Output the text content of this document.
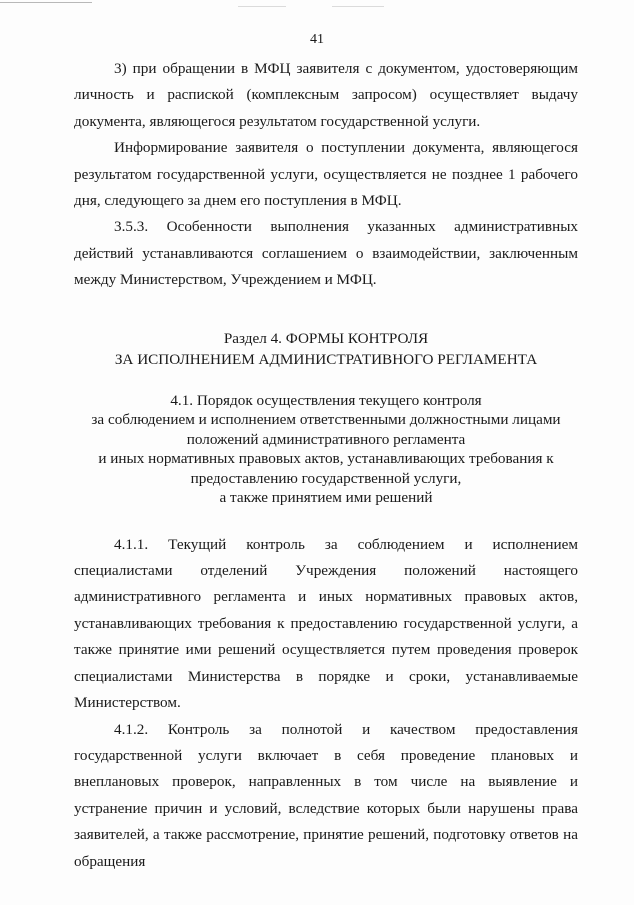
41

3) при обращении в МФЦ заявителя с документом, удостоверяющим личность и распиской (комплексным запросом) осуществляет выдачу документа, являющегося результатом государственной услуги.

Информирование заявителя о поступлении документа, являющегося результатом государственной услуги, осуществляется не позднее 1 рабочего дня, следующего за днем его поступления в МФЦ.

3.5.3. Особенности выполнения указанных административных действий устанавливаются соглашением о взаимодействии, заключенным между Министерством, Учреждением и МФЦ.

Раздел 4. ФОРМЫ КОНТРОЛЯ

ЗА ИСПОЛНЕНИЕМ АДМИНИСТРАТИВНОГО РЕГЛАМЕНТА

4.1. Порядок осуществления текущего контроля

за соблюдением и исполнением ответственными должностными лицами

положений административного регламента

и иных нормативных правовых актов, устанавливающих требования к

предоставлению государственной услуги,

а также принятием ими решений

4.1.1. Текущий контроль за соблюдением и исполнением специалистами отделений Учреждения положений настоящего административного регламента и иных нормативных правовых актов, устанавливающих требования к предоставлению государственной услуги, а также принятие ими решений осуществляется путем проведения проверок специалистами Министерства в порядке и сроки, устанавливаемые Министерством.

4.1.2. Контроль за полнотой и качеством предоставления государственной услуги включает в себя проведение плановых и внеплановых проверок, направленных в том числе на выявление и устранение причин и условий, вследствие которых были нарушены права заявителей, а также рассмотрение, принятие решений, подготовку ответов на обращения
